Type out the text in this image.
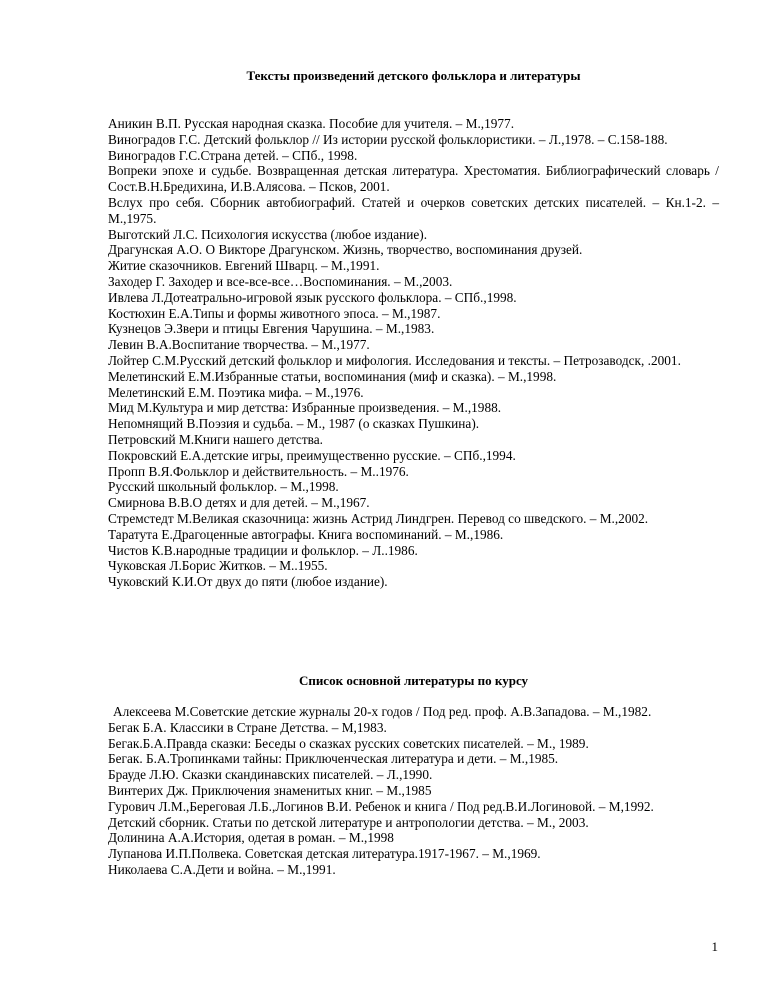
Тексты произведений детского фольклора и литературы
Аникин В.П. Русская народная сказка. Пособие для учителя. – М.,1977.
Виноградов Г.С. Детский фольклор // Из истории русской фольклористики. – Л.,1978. – С.158-188.
Виноградов Г.С.Страна детей. – СПб., 1998.
Вопреки эпохе и судьбе. Возвращенная детская литература. Хрестоматия. Библиографический словарь / Сост.В.Н.Бредихина, И.В.Алясова. – Псков, 2001.
Вслух про себя. Сборник автобиографий. Статей и очерков советских детских писателей. – Кн.1-2. –М.,1975.
Выготский Л.С. Психология искусства (любое издание).
Драгунская А.О. О Викторе Драгунском. Жизнь, творчество, воспоминания друзей.
Житие сказочников. Евгений Шварц. – М.,1991.
Заходер Г. Заходер и все-все-все…Воспоминания. – М.,2003.
Ивлева Л.Дотеатрально-игровой язык русского фольклора. – СПб.,1998.
Костюхин Е.А.Типы и формы животного эпоса. – М.,1987.
Кузнецов Э.Звери и птицы Евгения Чарушина. – М.,1983.
Левин В.А.Воспитание творчества. – М.,1977.
Лойтер С.М.Русский детский фольклор и мифология. Исследования и тексты. – Петрозаводск, .2001.
Мелетинский Е.М.Избранные статьи, воспоминания (миф и сказка). – М.,1998.
Мелетинский Е.М. Поэтика мифа. – М.,1976.
Мид М.Культура и мир детства: Избранные произведения. – М.,1988.
Непомнящий В.Поэзия и судьба. – М., 1987 (о сказках Пушкина).
Петровский М.Книги нашего детства.
Покровский Е.А.детские игры, преимущественно русские. – СПб.,1994.
Пропп В.Я.Фольклор и действительность. – М..1976.
Русский школьный фольклор. – М.,1998.
Смирнова В.В.О детях и для детей. – М.,1967.
Стремстедт М.Великая сказочница: жизнь Астрид Линдгрен. Перевод со шведского. – М.,2002.
Таратута Е.Драгоценные автографы. Книга воспоминаний. – М.,1986.
Чистов К.В.народные традиции и фольклор. – Л..1986.
Чуковская Л.Борис Житков. – М..1955.
Чуковский К.И.От двух до пяти (любое издание).
Список основной литературы по курсу
Алексеева М.Советские детские журналы 20-х годов / Под ред. проф. А.В.Западова. – М.,1982.
Бегак Б.А. Классики в Стране Детства. – М,1983.
Бегак.Б.А.Правда сказки: Беседы о сказках русских советских писателей. – М., 1989.
Бегак. Б.А.Тропинками тайны: Приключенческая литература и дети. – М.,1985.
Брауде Л.Ю. Сказки скандинавских писателей. – Л.,1990.
Винтерих Дж. Приключения знаменитых книг. – М.,1985
Гурович Л.М.,Береговая Л.Б.,Логинов В.И. Ребенок и книга / Под ред.В.И.Логиновой. – М,1992.
Детский сборник. Статьи по детской литературе и антропологии детства. – М., 2003.
Долинина А.А.История, одетая в роман. – М.,1998
Лупанова И.П.Полвека. Советская детская литература.1917-1967. – М.,1969.
Николаева С.А.Дети и война. – М.,1991.
1
